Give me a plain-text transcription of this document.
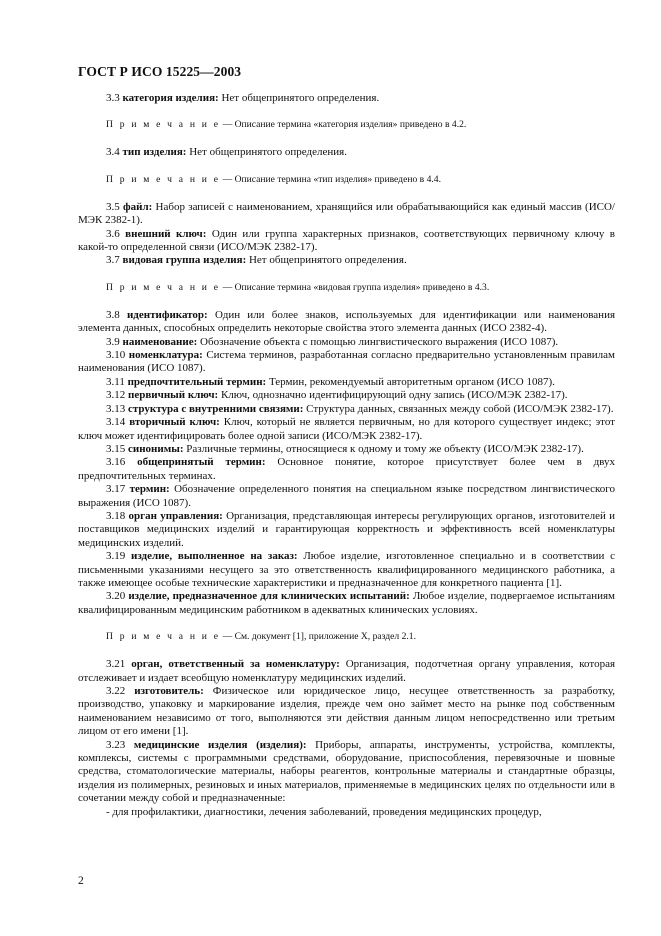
ГОСТ Р ИСО 15225—2003

3.3 категория изделия: Нет общепринятого определения.

П р и м е ч а н и е — Описание термина «категория изделия» приведено в 4.2.

3.4 тип изделия: Нет общепринятого определения.

П р и м е ч а н и е — Описание термина «тип изделия» приведено в 4.4.

3.5 файл: Набор записей с наименованием, хранящийся или обрабатывающийся как единый массив (ИСО/МЭК 2382-1).

3.6 внешний ключ: Один или группа характерных признаков, соответствующих первичному ключу в какой-то определенной связи (ИСО/МЭК 2382-17).

3.7 видовая группа изделия: Нет общепринятого определения.

П р и м е ч а н и е — Описание термина «видовая группа изделия» приведено в 4.3.

3.8 идентификатор: Один или более знаков, используемых для идентификации или наименования элемента данных, способных определить некоторые свойства этого элемента данных (ИСО 2382-4).

3.9 наименование: Обозначение объекта с помощью лингвистического выражения (ИСО 1087).

3.10 номенклатура: Система терминов, разработанная согласно предварительно установленным правилам наименования (ИСО 1087).

3.11 предпочтительный термин: Термин, рекомендуемый авторитетным органом (ИСО 1087).

3.12 первичный ключ: Ключ, однозначно идентифицирующий одну запись (ИСО/МЭК 2382-17).

3.13 структура с внутренними связями: Структура данных, связанных между собой (ИСО/МЭК 2382-17).

3.14 вторичный ключ: Ключ, который не является первичным, но для которого существует индекс; этот ключ может идентифицировать более одной записи (ИСО/МЭК 2382-17).

3.15 синонимы: Различные термины, относящиеся к одному и тому же объекту (ИСО/МЭК 2382-17).

3.16 общепринятый термин: Основное понятие, которое присутствует более чем в двух предпочтительных терминах.

3.17 термин: Обозначение определенного понятия на специальном языке посредством лингвистического выражения (ИСО 1087).

3.18 орган управления: Организация, представляющая интересы регулирующих органов, изготовителей и поставщиков медицинских изделий и гарантирующая корректность и эффективность всей номенклатуры медицинских изделий.

3.19 изделие, выполненное на заказ: Любое изделие, изготовленное специально и в соответствии с письменными указаниями несущего за это ответственность квалифицированного медицинского работника, а также имеющее особые технические характеристики и предназначенное для конкретного пациента [1].

3.20 изделие, предназначенное для клинических испытаний: Любое изделие, подвергаемое испытаниям квалифицированным медицинским работником в адекватных клинических условиях.

П р и м е ч а н и е — См. документ [1], приложение X, раздел 2.1.

3.21 орган, ответственный за номенклатуру: Организация, подотчетная органу управления, которая отслеживает и издает всеобщую номенклатуру медицинских изделий.

3.22 изготовитель: Физическое или юридическое лицо, несущее ответственность за разработку, производство, упаковку и маркирование изделия, прежде чем оно займет место на рынке под собственным наименованием независимо от того, выполняются эти действия данным лицом непосредственно или третьим лицом от его имени [1].

3.23 медицинские изделия (изделия): Приборы, аппараты, инструменты, устройства, комплекты, комплексы, системы с программными средствами, оборудование, приспособления, перевязочные и шовные средства, стоматологические материалы, наборы реагентов, контрольные материалы и стандартные образцы, изделия из полимерных, резиновых и иных материалов, применяемые в медицинских целях по отдельности или в сочетании между собой и предназначенные:

- для профилактики, диагностики, лечения заболеваний, проведения медицинских процедур,

2
